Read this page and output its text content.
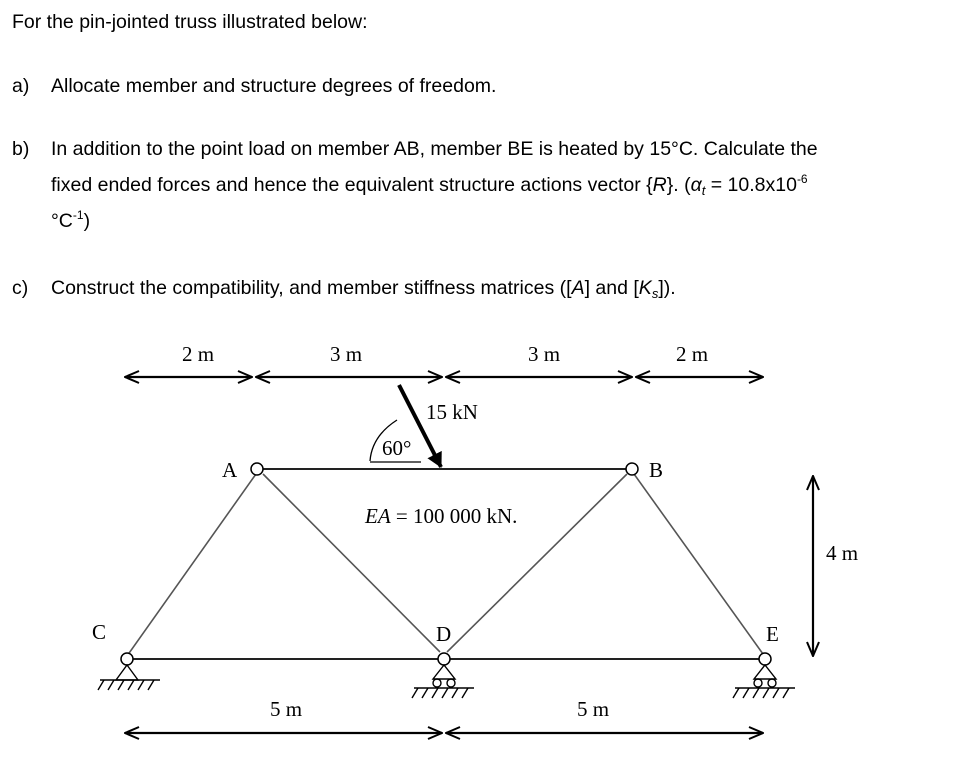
For the pin-jointed truss illustrated below:

a) Allocate member and structure degrees of freedom.
b) In addition to the point load on member AB, member BE is heated by 15°C. Calculate the
fixed ended forces and hence the equivalent structure actions vector {R}. ($\alpha_t = 10.8x10^{-6}$
$^\circ C^{-1}$)
c) Construct the compatibility, and member stiffness matrices ([A] and $[K_s]$).
2 m	3 m	3 m	2 m
15 kN
60°
A	B
C	D	E
EA = 100 000 kN.
4 m
5 m	5 m
